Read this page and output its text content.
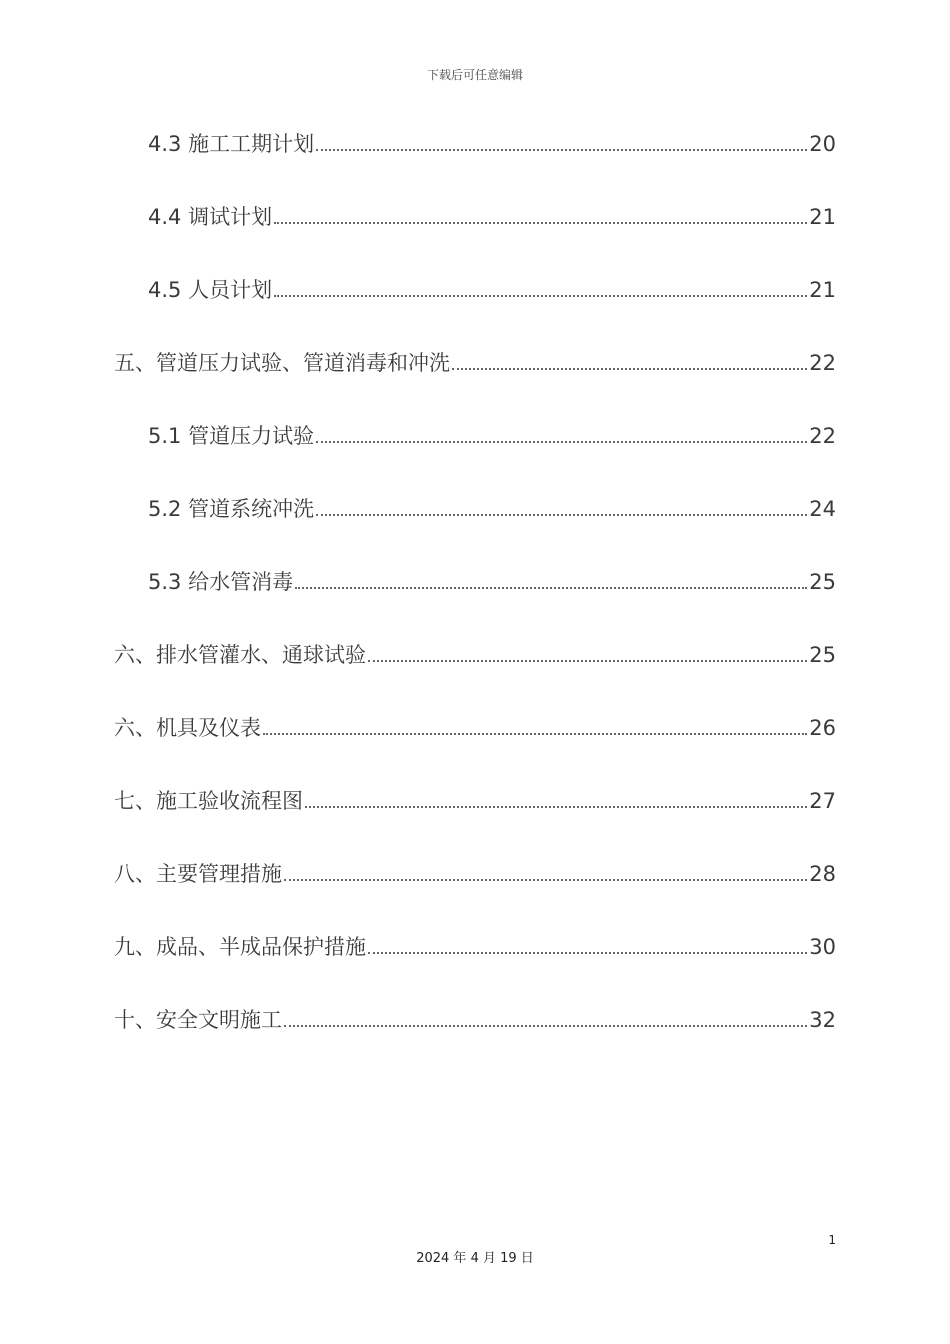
下载后可任意编辑
4.3 施工工期计划	20
4.4 调试计划	21
4.5 人员计划	21
五、管道压力试验、管道消毒和冲洗	22
5.1 管道压力试验	22
5.2 管道系统冲洗	24
5.3 给水管消毒	25
六、排水管灌水、通球试验	25
六、机具及仪表	26
七、施工验收流程图	27
八、主要管理措施	28
九、成品、半成品保护措施	30
十、安全文明施工	32
1
2024 年 4 月 19 日
